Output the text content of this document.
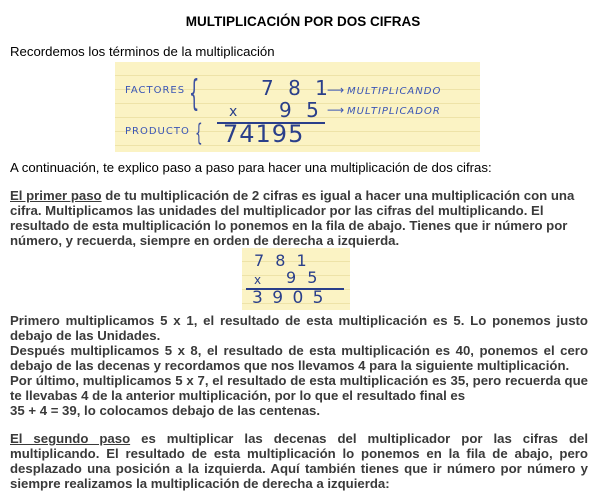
MULTIPLICACIÓN POR DOS CIFRAS
Recordemos los términos de la multiplicación
FACTORES
PRODUCTO
{
{
7 8 1
x 9 5
74195
⟶ MULTIPLICANDO
⟶ MULTIPLICADOR
A continuación, te explico paso a paso para hacer una multiplicación de dos cifras:
El primer paso de tu multiplicación de 2 cifras es igual a hacer una multiplicación con una cifra. Multiplicamos las unidades del multiplicador por las cifras del multiplicando. El resultado de esta multiplicación lo ponemos en la fila de abajo. Tienes que ir número por número, y recuerda, siempre en orden de derecha a izquierda.
7 8 1
x 9 5
3 9 0 5
Primero multiplicamos 5 x 1, el resultado de esta multiplicación es 5. Lo ponemos justo debajo de las Unidades.
Después multiplicamos 5 x 8, el resultado de esta multiplicación es 40, ponemos el cero debajo de las decenas y recordamos que nos llevamos 4 para la siguiente multiplicación.
Por último, multiplicamos 5 x 7, el resultado de esta multiplicación es 35, pero recuerda que te llevabas 4 de la anterior multiplicación, por lo que el resultado final es
35 + 4 = 39, lo colocamos debajo de las centenas.
El segundo paso es multiplicar las decenas del multiplicador por las cifras del multiplicando. El resultado de esta multiplicación lo ponemos en la fila de abajo, pero desplazado una posición a la izquierda. Aquí también tienes que ir número por número y siempre realizamos la multiplicación de derecha a izquierda:
